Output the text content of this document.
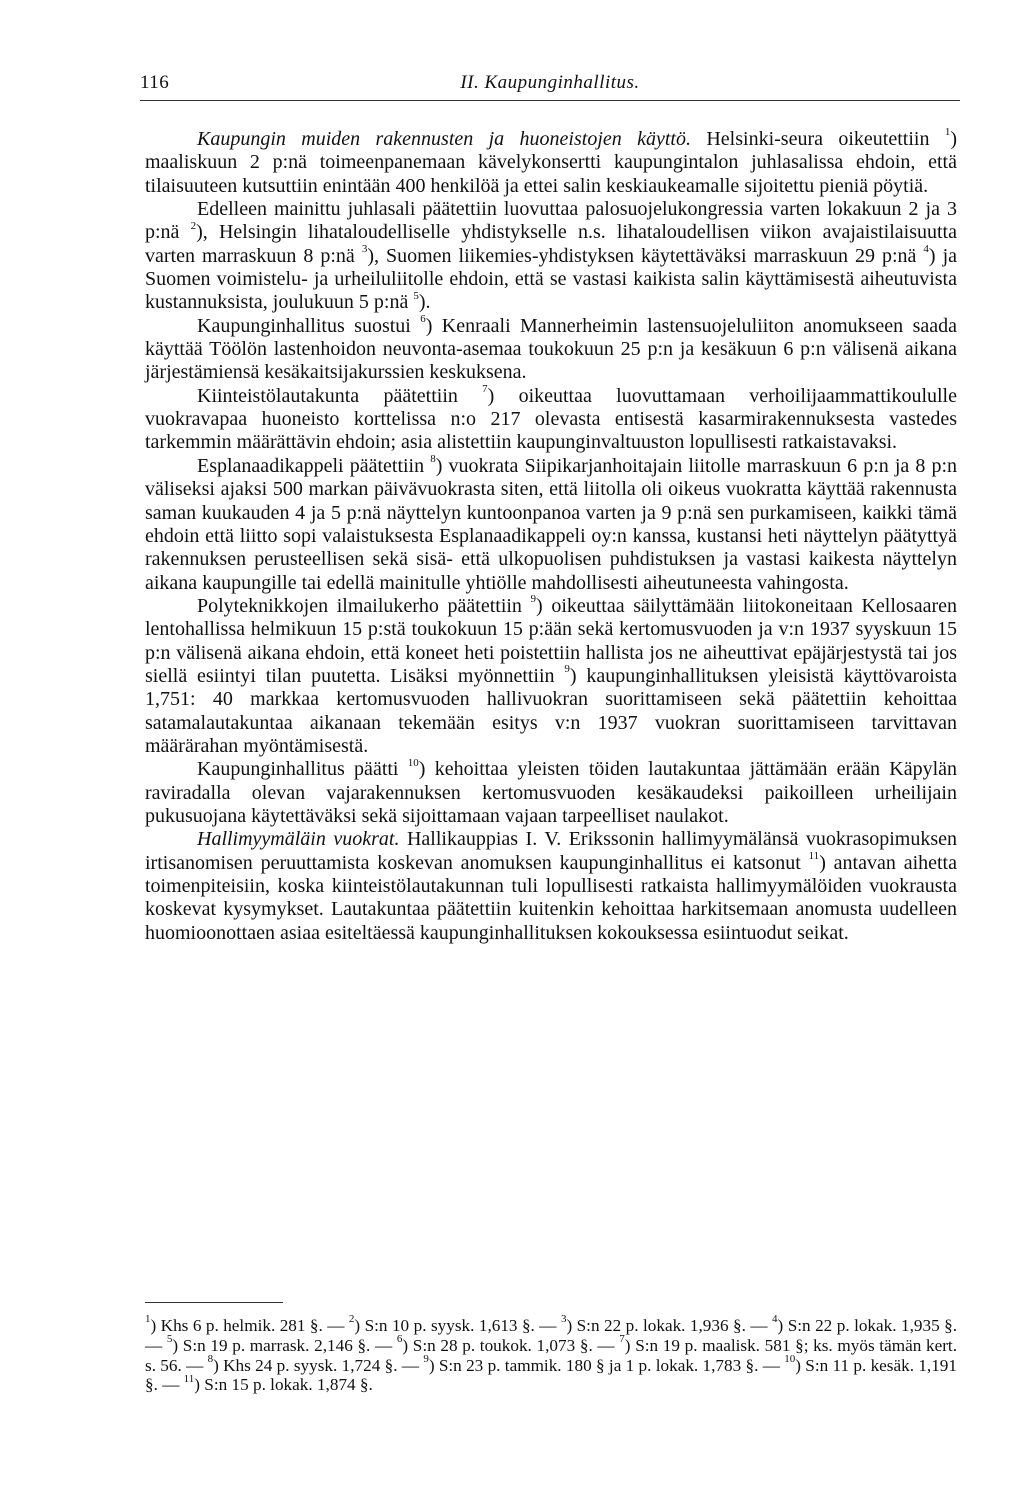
116	II. Kaupunginhallitus.

Kaupungin muiden rakennusten ja huoneistojen käyttö. Helsinki-seura oikeutettiin $^1$) maaliskuun 2 p:nä toimeenpanemaan kävelykonsertti kaupungintalon juhlasalissa ehdoin, että tilaisuuteen kutsuttiin enintään 400 henkilöä ja ettei salin keskiaukeamalle sijoitettu pieniä pöytiä.

Edelleen mainittu juhlasali päätettiin luovuttaa palosuojelukongressia varten lokakuun 2 ja 3 p:nä $^2$), Helsingin lihataloudelliselle yhdistykselle n.s. lihataloudellisen viikon avajaistilaisuutta varten marraskuun 8 p:nä $^3$), Suomen liikemies-yhdistyksen käytettäväksi marraskuun 29 p:nä $^4$) ja Suomen voimistelu- ja urheiluliitolle ehdoin, että se vastasi kaikista salin käyttämisestä aiheutuvista kustannuksista, joulukuun 5 p:nä $^5$).

Kaupunginhallitus suostui $^6$) Kenraali Mannerheimin lastensuojeluliiton anomukseen saada käyttää Töölön lastenhoidon neuvonta-asemaa toukokuun 25 p:n ja kesäkuun 6 p:n välisenä aikana järjestämiensä kesäkaitsijakurssien keskuksena.

Kiinteistölautakunta päätettiin $^7$) oikeuttaa luovuttamaan verhoilijaammattikoululle vuokravapaa huoneisto korttelissa n:o 217 olevasta entisestä kasarmirakennuksesta vastedes tarkemmin määrättävin ehdoin; asia alistettiin kaupunginvaltuuston lopullisesti ratkaistavaksi.

Esplanaadikappeli päätettiin $^8$) vuokrata Siipikarjanhoitajain liitolle marraskuun 6 p:n ja 8 p:n väliseksi ajaksi 500 markan päivävuokrasta siten, että liitolla oli oikeus vuokratta käyttää rakennusta saman kuukauden 4 ja 5 p:nä näyttelyn kuntoonpanoa varten ja 9 p:nä sen purkamiseen, kaikki tämä ehdoin että liitto sopi valaistuksesta Esplanaadikappeli oy:n kanssa, kustansi heti näyttelyn päätyttyä rakennuksen perusteellisen sekä sisä- että ulkopuolisen puhdistuksen ja vastasi kaikesta näyttelyn aikana kaupungille tai edellä mainitulle yhtiölle mahdollisesti aiheutuneesta vahingosta.

Polyteknikkojen ilmailukerho päätettiin $^9$) oikeuttaa säilyttämään liitokoneitaan Kellosaaren lentohallissa helmikuun 15 p:stä toukokuun 15 p:ään sekä kertomusvuoden ja v:n 1937 syyskuun 15 p:n välisenä aikana ehdoin, että koneet heti poistettiin hallista jos ne aiheuttivat epäjärjestystä tai jos siellä esiintyi tilan puutetta. Lisäksi myönnettiin $^9$) kaupunginhallituksen yleisistä käyttövaroista 1,751: 40 markkaa kertomusvuoden hallivuokran suorittamiseen sekä päätettiin kehoittaa satamalautakuntaa aikanaan tekemään esitys v:n 1937 vuokran suorittamiseen tarvittavan määrärahan myöntämisestä.

Kaupunginhallitus päätti $^{10}$) kehoittaa yleisten töiden lautakuntaa jättämään erään Käpylän raviradalla olevan vajarakennuksen kertomusvuoden kesäkaudeksi paikoilleen urheilijain pukusuojana käytettäväksi sekä sijoittamaan vajaan tarpeelliset naulakot.

Hallimyymäläin vuokrat. Hallikauppias I. V. Erikssonin hallimyymälänsä vuokrasopimuksen irtisanomisen peruuttamista koskevan anomuksen kaupunginhallitus ei katsonut $^{11}$) antavan aihetta toimenpiteisiin, koska kiinteistölautakunnan tuli lopullisesti ratkaista hallimyymälöiden vuokrausta koskevat kysymykset. Lautakuntaa päätettiin kuitenkin kehoittaa harkitsemaan anomusta uudelleen huomioonottaen asiaa esiteltäessä kaupunginhallituksen kokouksessa esiintuodut seikat.

$^1$) Khs 6 p. helmik. 281 §. — $^2$) S:n 10 p. syysk. 1,613 §. — $^3$) S:n 22 p. lokak. 1,936 §. — $^4$) S:n 22 p. lokak. 1,935 §. — $^5$) S:n 19 p. marrask. 2,146 §. — $^6$) S:n 28 p. toukok. 1,073 §. — $^7$) S:n 19 p. maalisk. 581 §; ks. myös tämän kert. s. 56. — $^8$) Khs 24 p. syysk. 1,724 §. — $^9$) S:n 23 p. tammik. 180 § ja 1 p. lokak. 1,783 §. — $^{10}$) S:n 11 p. kesäk. 1,191 §. — $^{11}$) S:n 15 p. lokak. 1,874 §.
